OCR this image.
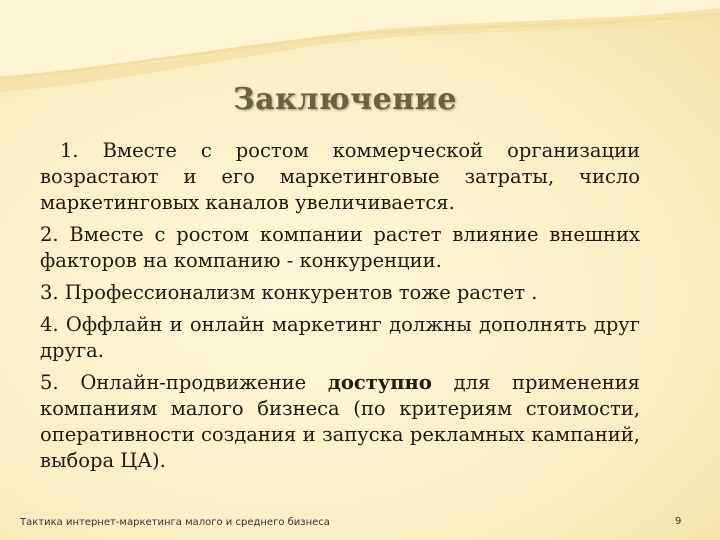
Заключение

1. Вместе с ростом коммерческой организации возрастают и его маркетинговые затраты, число маркетинговых каналов увеличивается.

2. Вместе с ростом компании растет влияние внешних факторов на компанию - конкуренции.

3. Профессионализм конкурентов тоже растет .

4. Оффлайн и онлайн маркетинг должны дополнять друг друга.

5. Онлайн-продвижение доступно для применения компаниям малого бизнеса (по критериям стоимости, оперативности создания и запуска рекламных кампаний, выбора ЦА).

Тактика интернет-маркетинга малого и среднего бизнеса	9
